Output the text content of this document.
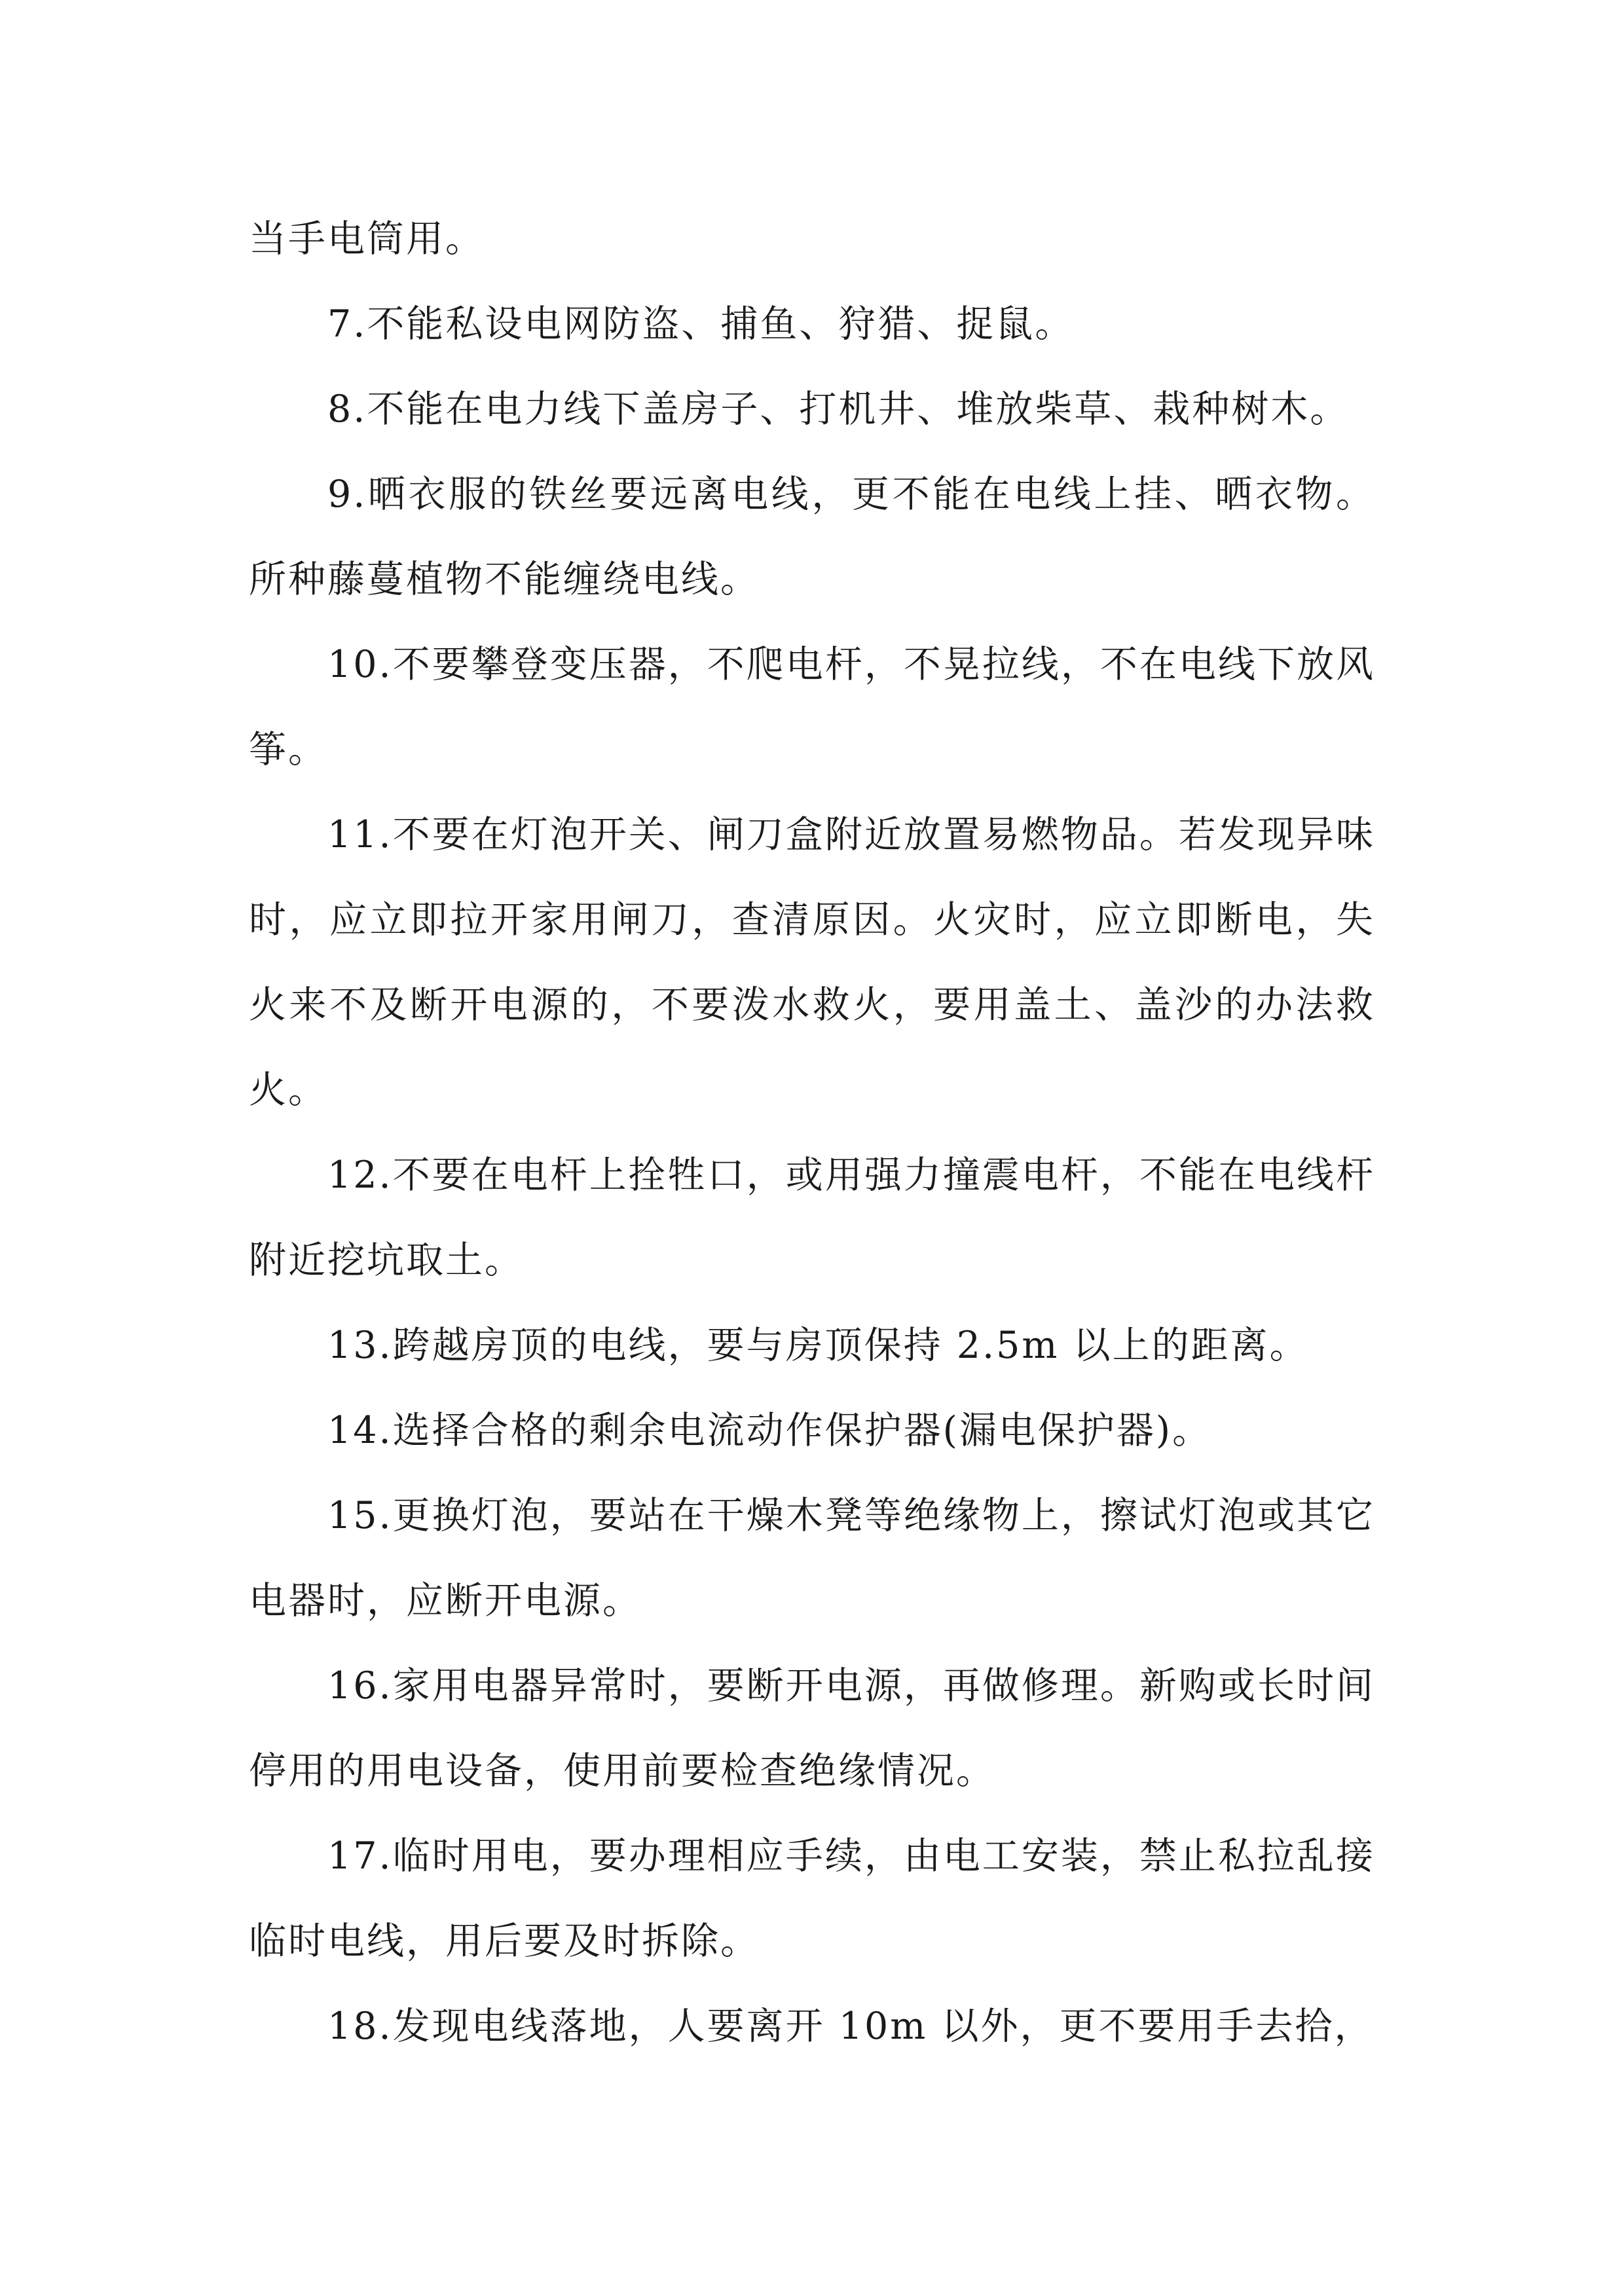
当手电筒用。

7.不能私设电网防盗、捕鱼、狩猎、捉鼠。

8.不能在电力线下盖房子、打机井、堆放柴草、栽种树木。

9.晒衣服的铁丝要远离电线，更不能在电线上挂、晒衣物。所种藤蔓植物不能缠绕电线。

10.不要攀登变压器，不爬电杆，不晃拉线，不在电线下放风筝。

11.不要在灯泡开关、闸刀盒附近放置易燃物品。若发现异味时，应立即拉开家用闸刀，查清原因。火灾时，应立即断电，失火来不及断开电源的，不要泼水救火，要用盖土、盖沙的办法救火。

12.不要在电杆上拴牲口，或用强力撞震电杆，不能在电线杆附近挖坑取土。

13.跨越房顶的电线，要与房顶保持 2.5m 以上的距离。

14.选择合格的剩余电流动作保护器(漏电保护器)。

15.更换灯泡，要站在干燥木凳等绝缘物上，擦试灯泡或其它电器时，应断开电源。

16.家用电器异常时，要断开电源，再做修理。新购或长时间停用的用电设备，使用前要检查绝缘情况。

17.临时用电，要办理相应手续，由电工安装，禁止私拉乱接临时电线，用后要及时拆除。

18.发现电线落地，人要离开 10m 以外，更不要用手去拾，
